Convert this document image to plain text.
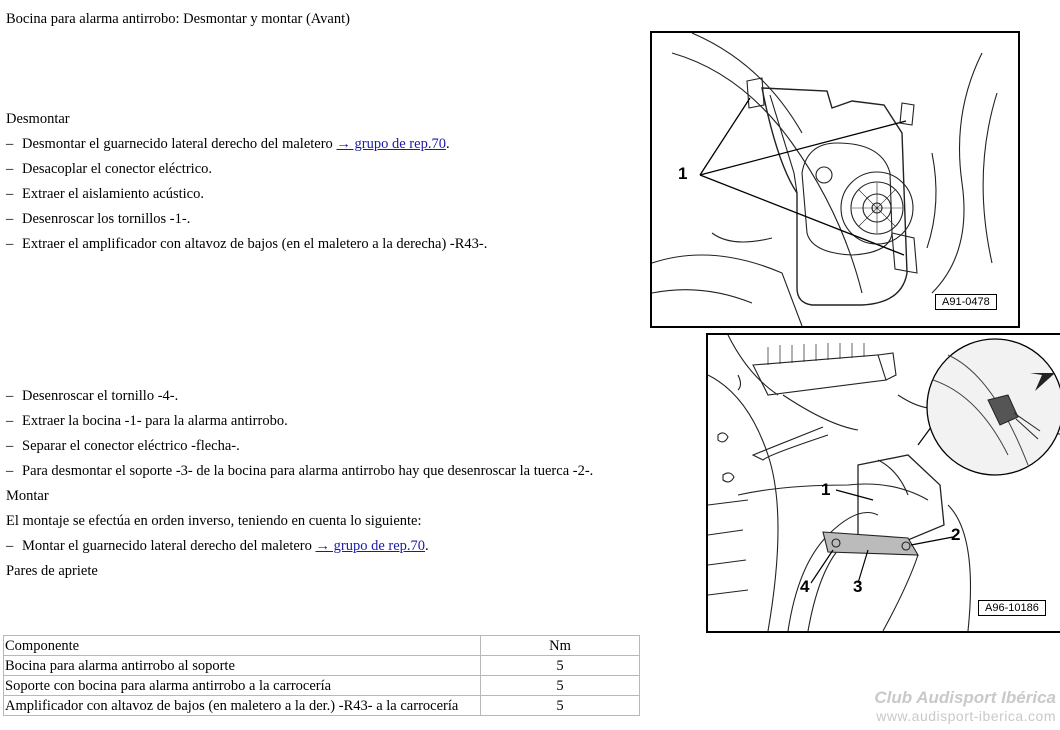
Bocina para alarma antirrobo: Desmontar y montar (Avant)
Desmontar
– Desmontar el guarnecido lateral derecho del maletero → grupo de rep.70.
– Desacoplar el conector eléctrico.
– Extraer el aislamiento acústico.
– Desenroscar los tornillos -1-.
– Extraer el amplificador con altavoz de bajos (en el maletero a la derecha) -R43-.
– Desenroscar el tornillo -4-.
– Extraer la bocina -1- para la alarma antirrobo.
– Separar el conector eléctrico -flecha-.
– Para desmontar el soporte -3- de la bocina para alarma antirrobo hay que desenroscar la tuerca -2-.
Montar
El montaje se efectúa en orden inverso, teniendo en cuenta lo siguiente:
– Montar el guarnecido lateral derecho del maletero → grupo de rep.70.
Pares de apriete
Componente	Nm
Bocina para alarma antirrobo al soporte	5
Soporte con bocina para alarma antirrobo a la carrocería	5
Amplificador con altavoz de bajos (en maletero a la der.) -R43- a la carrocería	5
1
A91-0478
1
2
3
4
A96-10186
Club Audisport Ibérica
www.audisport-iberica.com
